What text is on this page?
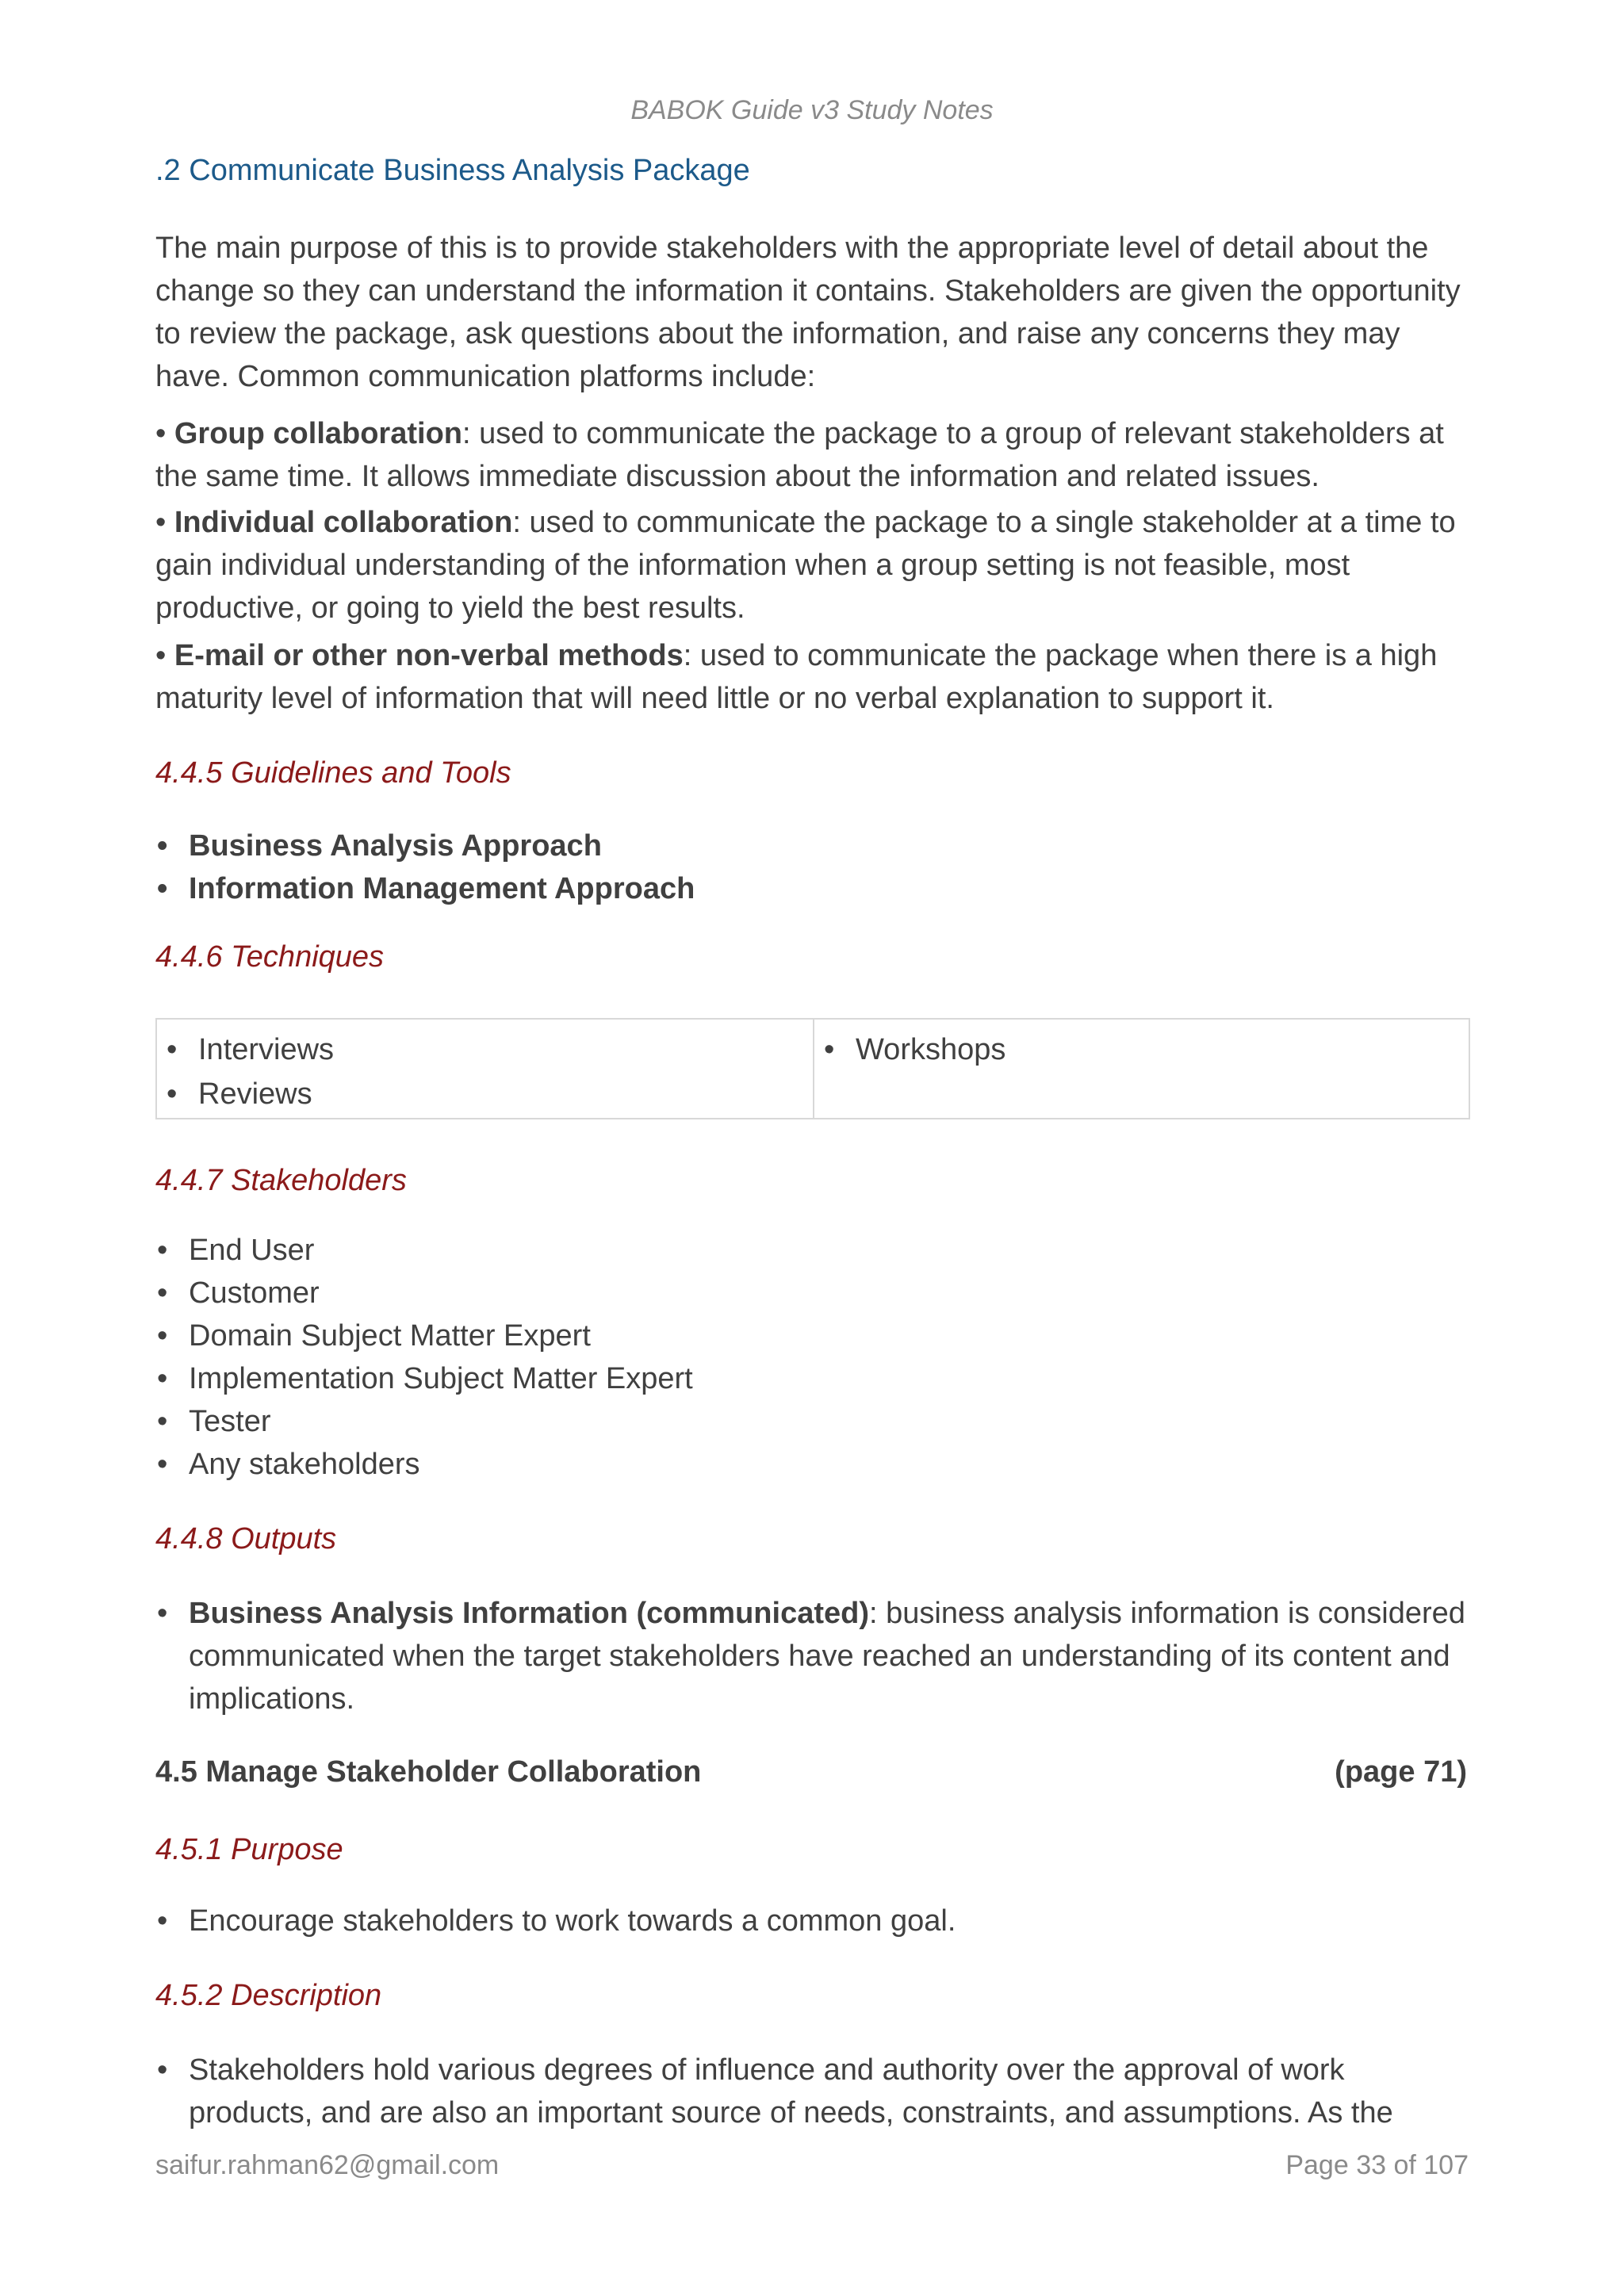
BABOK Guide v3 Study Notes
.2 Communicate Business Analysis Package

The main purpose of this is to provide stakeholders with the appropriate level of detail about the change so they can understand the information it contains. Stakeholders are given the opportunity to review the package, ask questions about the information, and raise any concerns they may have. Common communication platforms include:

• Group collaboration: used to communicate the package to a group of relevant stakeholders at the same time. It allows immediate discussion about the information and related issues.

• Individual collaboration: used to communicate the package to a single stakeholder at a time to gain individual understanding of the information when a group setting is not feasible, most productive, or going to yield the best results.

• E-mail or other non-verbal methods: used to communicate the package when there is a high maturity level of information that will need little or no verbal explanation to support it.

4.4.5 Guidelines and Tools
• Business Analysis Approach
• Information Management Approach
4.4.6 Techniques
• Interviews
• Reviews
• Workshops
4.4.7 Stakeholders
• End User
• Customer
• Domain Subject Matter Expert
• Implementation Subject Matter Expert
• Tester
• Any stakeholders
4.4.8 Outputs
• Business Analysis Information (communicated): business analysis information is considered communicated when the target stakeholders have reached an understanding of its content and implications.
4.5 Manage Stakeholder Collaboration	(page 71)
4.5.1 Purpose
• Encourage stakeholders to work towards a common goal.
4.5.2 Description
• Stakeholders hold various degrees of influence and authority over the approval of work products, and are also an important source of needs, constraints, and assumptions. As the
saifur.rahman62@gmail.com	Page 33 of 107
